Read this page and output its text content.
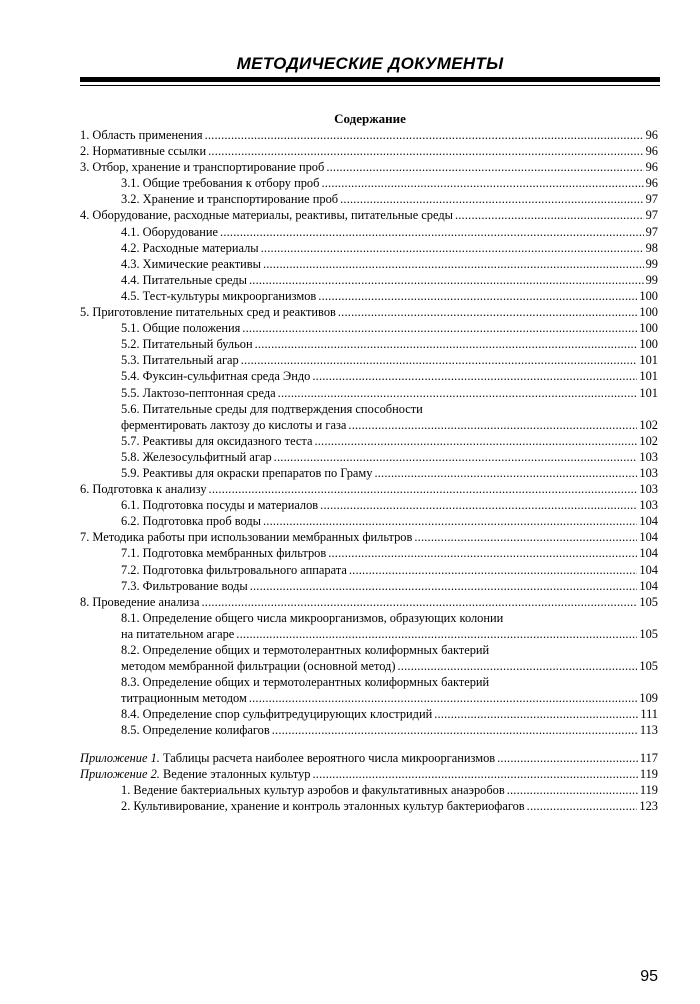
МЕТОДИЧЕСКИЕ ДОКУМЕНТЫ
Содержание
1. Область применения .....	96
2. Нормативные ссылки .....	96
3. Отбор, хранение и транспортирование проб .....	96
3.1. Общие требования к отбору проб .....	96
3.2. Хранение и транспортирование проб .....	97
4. Оборудование, расходные материалы, реактивы, питательные среды .....	97
4.1. Оборудование .....	97
4.2. Расходные материалы .....	98
4.3. Химические реактивы .....	99
4.4. Питательные среды .....	99
4.5. Тест-культуры микроорганизмов .....	100
5. Приготовление питательных сред и реактивов .....	100
5.1. Общие положения .....	100
5.2. Питательный бульон .....	100
5.3. Питательный агар .....	101
5.4. Фуксин-сульфитная среда Эндо .....	101
5.5. Лактозо-пептонная среда .....	101
5.6. Питательные среды для подтверждения способности
ферментировать лактозу до кислоты и газа .....	102
5.7. Реактивы для оксидазного теста .....	102
5.8. Железосульфитный агар .....	103
5.9. Реактивы для окраски препаратов по Граму .....	103
6. Подготовка к анализу .....	103
6.1. Подготовка посуды и материалов .....	103
6.2. Подготовка проб воды .....	104
7. Методика работы при использовании мембранных фильтров .....	104
7.1. Подготовка мембранных фильтров .....	104
7.2. Подготовка фильтровального аппарата .....	104
7.3. Фильтрование воды .....	104
8. Проведение анализа .....	105
8.1. Определение общего числа микроорганизмов, образующих колонии
на питательном агаре .....	105
8.2. Определение общих и термотолерантных колиформных бактерий
методом мембранной фильтрации (основной метод) .....	105
8.3. Определение общих и термотолерантных колиформных бактерий
титрационным методом .....	109
8.4. Определение спор сульфитредуцирующих клостридий .....	111
8.5. Определение колифагов .....	113
Приложение 1. Таблицы расчета наиболее вероятного числа микроорганизмов .....	117
Приложение 2. Ведение эталонных культур .....	119
1. Ведение бактериальных культур аэробов и факультативных анаэробов .....	119
2. Культивирование, хранение и контроль эталонных культур бактериофагов .....	123
95
